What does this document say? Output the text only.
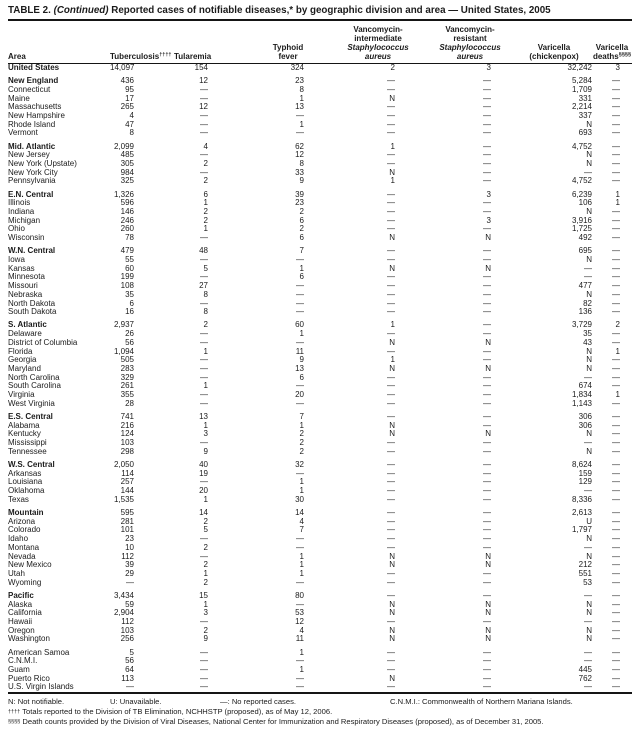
TABLE 2. (Continued) Reported cases of notifiable diseases,* by geographic division and area — United States, 2005
Area	Tuberculosis††††	Tularemia

Typhoid
fever

Vancomycin-
intermediate
Staphylococcus
aureus

Vancomycin-
resistant
Staphylococcus
aureus

Varicella
(chickenpox)

Varicella
deaths§§§§

United States	14,097	154	324	2	3	32,242	3

New England	436	12	23	—	—	5,284	—
Connecticut	95	—	8	—	—	1,709	—
Maine	17	—	1	N	—	331	—
Massachusetts	265	12	13	—	—	2,214	—
New Hampshire	4	—	—	—	—	337	—
Rhode Island	47	—	1	—	—	N	—
Vermont	8	—	—	—	—	693	—

Mid. Atlantic	2,099	4	62	1	—	4,752	—
New Jersey	485	—	12	—	—	N	—
New York (Upstate)	305	2	8	—	—	N	—
New York City	984	—	33	N	—	—	—
Pennsylvania	325	2	9	1	—	4,752	—

E.N. Central	1,326	6	39	—	3	6,239	1
Illinois	596	1	23	—	—	106	1
Indiana	146	2	2	—	—	N	—
Michigan	246	2	6	—	3	3,916	—
Ohio	260	1	2	—	—	1,725	—
Wisconsin	78	—	6	N	N	492	—

W.N. Central	479	48	7	—	—	695	—
Iowa	55	—	—	—	—	N	—
Kansas	60	5	1	N	N	—	—
Minnesota	199	—	6	—	—	—	—
Missouri	108	27	—	—	—	477	—
Nebraska	35	8	—	—	—	N	—
North Dakota	6	—	—	—	—	82	—
South Dakota	16	8	—	—	—	136	—

S. Atlantic	2,937	2	60	1	—	3,729	2
Delaware	26	—	1	—	—	35	—
District of Columbia	56	—	—	N	N	43	—
Florida	1,094	1	11	—	—	N	1
Georgia	505	—	9	1	—	N	—
Maryland	283	—	13	N	N	N	—
North Carolina	329	—	6	—	—	—	—
South Carolina	261	1	—	—	—	674	—
Virginia	355	—	20	—	—	1,834	1
West Virginia	28	—	—	—	—	1,143	—

E.S. Central	741	13	7	—	—	306	—
Alabama	216	1	1	N	—	306	—
Kentucky	124	3	2	N	N	N	—
Mississippi	103	—	2	—	—	—	—
Tennessee	298	9	2	—	—	N	—

W.S. Central	2,050	40	32	—	—	8,624	—
Arkansas	114	19	—	—	—	159	—
Louisiana	257	—	1	—	—	129	—
Oklahoma	144	20	1	—	—	—	—
Texas	1,535	1	30	—	—	8,336	—

Mountain	595	14	14	—	—	2,613	—
Arizona	281	2	4	—	—	U	—
Colorado	101	5	7	—	—	1,797	—
Idaho	23	—	—	—	—	N	—
Montana	10	2	—	—	—	—	—
Nevada	112	—	1	N	N	N	—
New Mexico	39	2	1	N	N	212	—
Utah	29	1	1	—	—	551	—
Wyoming	—	2	—	—	—	53	—

Pacific	3,434	15	80	—	—	—	—
Alaska	59	1	—	N	N	N	—
California	2,904	3	53	N	N	N	—
Hawaii	112	—	12	—	—	—	—
Oregon	103	2	4	N	N	N	—
Washington	256	9	11	N	N	N	—

American Samoa	5	—	1	—	—	—	—
C.N.M.I.	56	—	—	—	—	—	—
Guam	64	—	1	—	—	445	—
Puerto Rico	113	—	—	N	—	762	—
U.S. Virgin Islands	—	—	—	—	—	—	—
N: Not notifiable.	U: Unavailable.	—: No reported cases.	C.N.M.I.: Commonwealth of Northern Mariana Islands.
†††† Totals reported to the Division of TB Elimination, NCHHSTP (proposed), as of May 12, 2006.
§§§§ Death counts provided by the Division of Viral Diseases, National Center for Immunization and Respiratory Diseases (proposed), as of December 31, 2005.
